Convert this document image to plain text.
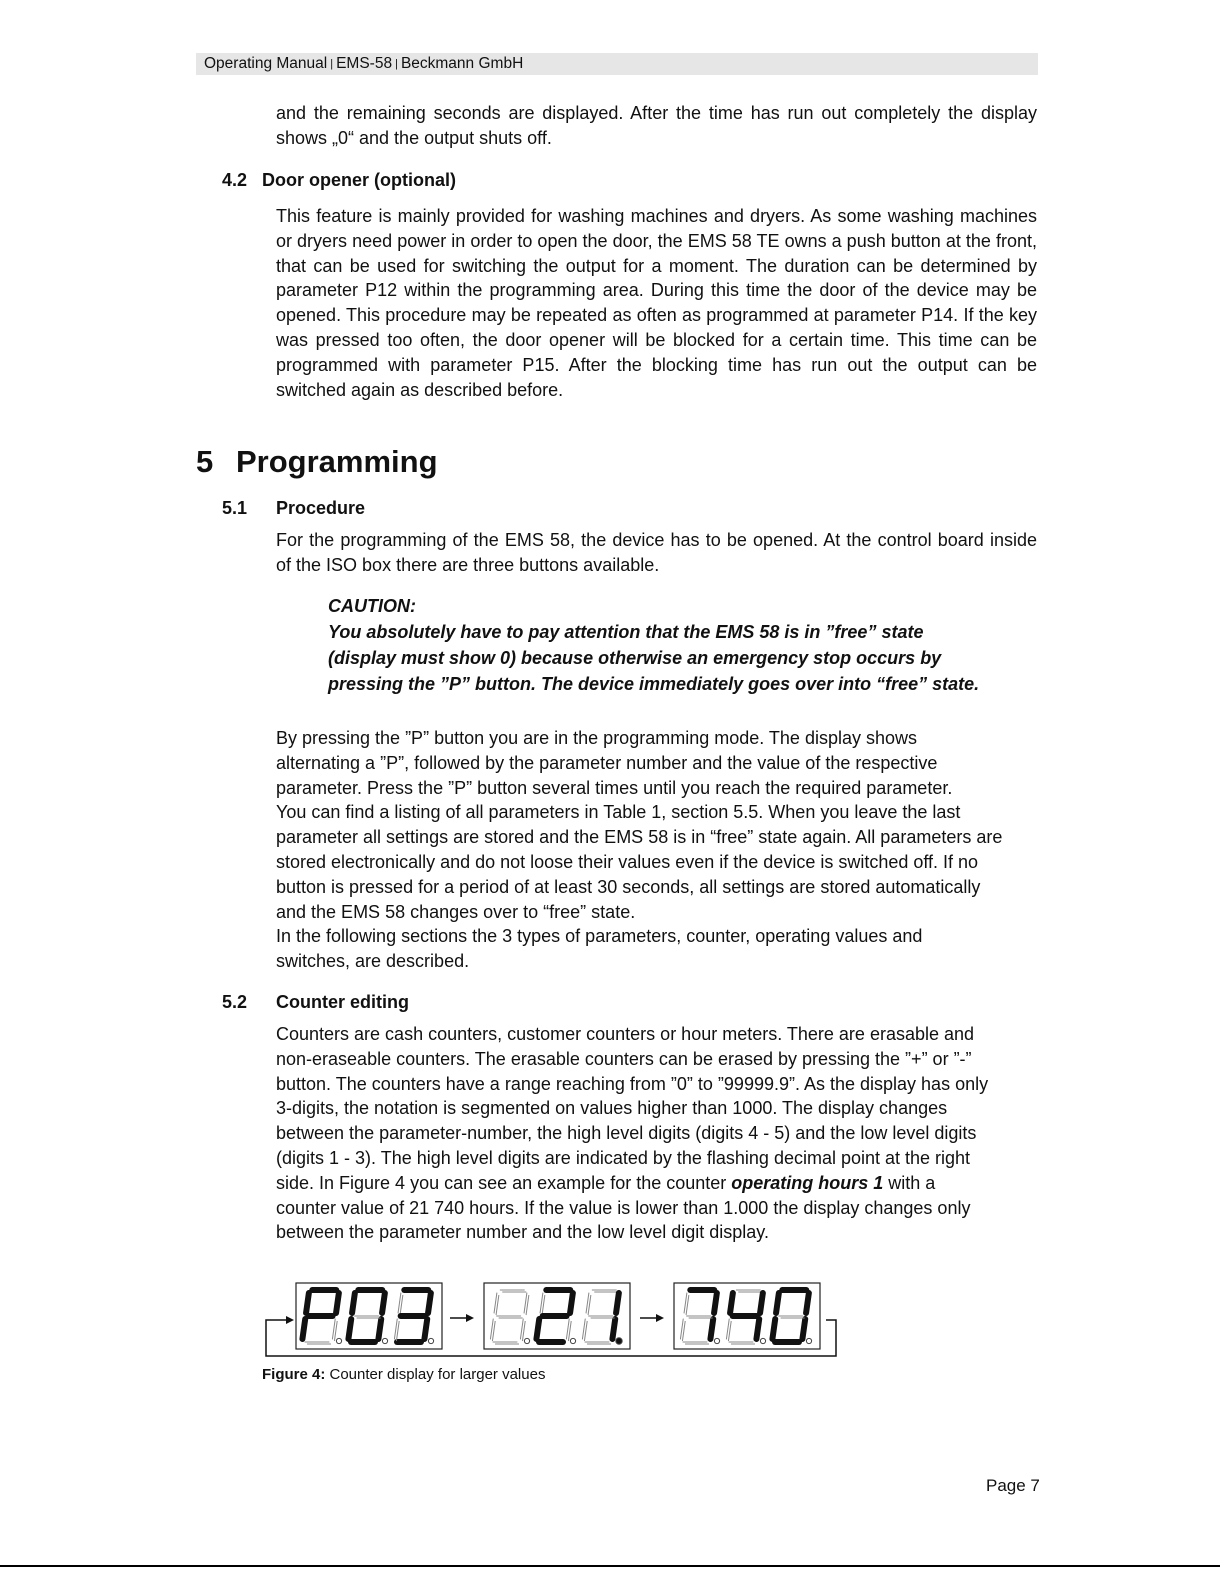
Operating Manual | EMS-58 | Beckmann GmbH

and the remaining seconds are displayed. After the time has run out completely the display shows „0“ and the output shuts off.

4.2 Door opener (optional)

This feature is mainly provided for washing machines and dryers. As some washing machines or dryers need power in order to open the door, the EMS 58 TE owns a push button at the front, that can be used for switching the output for a moment. The duration can be determined by parameter P12 within the programming area. During this time the door of the device may be opened. This procedure may be repeated as often as programmed at parameter P14. If the key was pressed too often, the door opener will be blocked for a certain time. This time can be programmed with parameter P15. After the blocking time has run out the output can be switched again as described before.

5 Programming
5.1 Procedure

For the programming of the EMS 58, the device has to be opened. At the control board inside of the ISO box there are three buttons available.

CAUTION:
You absolutely have to pay attention that the EMS 58 is in ”free” state
(display must show 0) because otherwise an emergency stop occurs by
pressing the ”P” button. The device immediately goes over into “free” state.
By pressing the ”P” button you are in the programming mode. The display shows
alternating a ”P”, followed by the parameter number and the value of the respective
parameter. Press the ”P” button several times until you reach the required parameter.
You can find a listing of all parameters in Table 1, section 5.5. When you leave the last
parameter all settings are stored and the EMS 58 is in “free” state again. All parameters are
stored electronically and do not loose their values even if the device is switched off. If no
button is pressed for a period of at least 30 seconds, all settings are stored automatically
and the EMS 58 changes over to “free” state.
In the following sections the 3 types of parameters, counter, operating values and
switches, are described.
5.2 Counter editing
Counters are cash counters, customer counters or hour meters. There are erasable and
non-eraseable counters. The erasable counters can be erased by pressing the ”+” or ”-”
button. The counters have a range reaching from ”0” to ”99999.9”. As the display has only
3-digits, the notation is segmented on values higher than 1000. The display changes
between the parameter-number, the high level digits (digits 4 - 5) and the low level digits
(digits 1 - 3). The high level digits are indicated by the flashing decimal point at the right
side. In Figure 4 you can see an example for the counter operating hours 1 with a
counter value of 21 740 hours. If the value is lower than 1.000 the display changes only
between the parameter number and the low level digit display.

Figure 4: Counter display for larger values

Page 7
